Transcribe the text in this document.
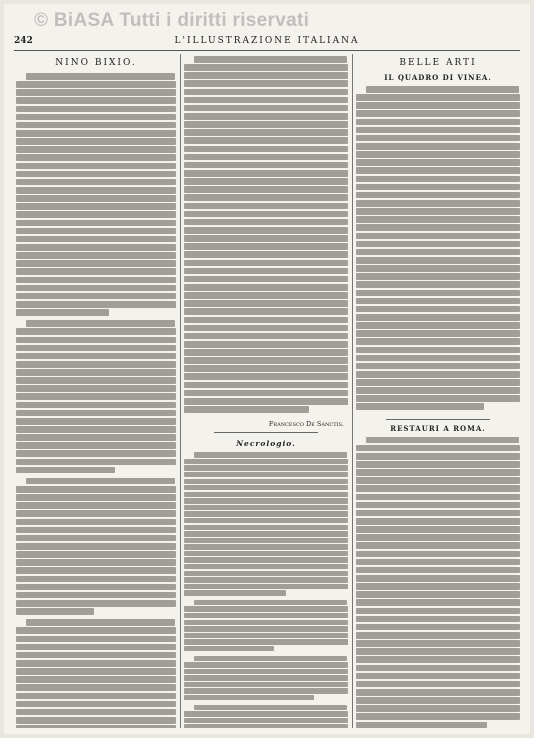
© BiASA Tutti i diritti riservati
242	L'ILLUSTRAZIONE ITALIANA
NINO BIXIO.
Francesco De Sanctis.
Necrologio.
BELLE ARTI
IL QUADRO DI VINEA.
RESTAURI A ROMA.
